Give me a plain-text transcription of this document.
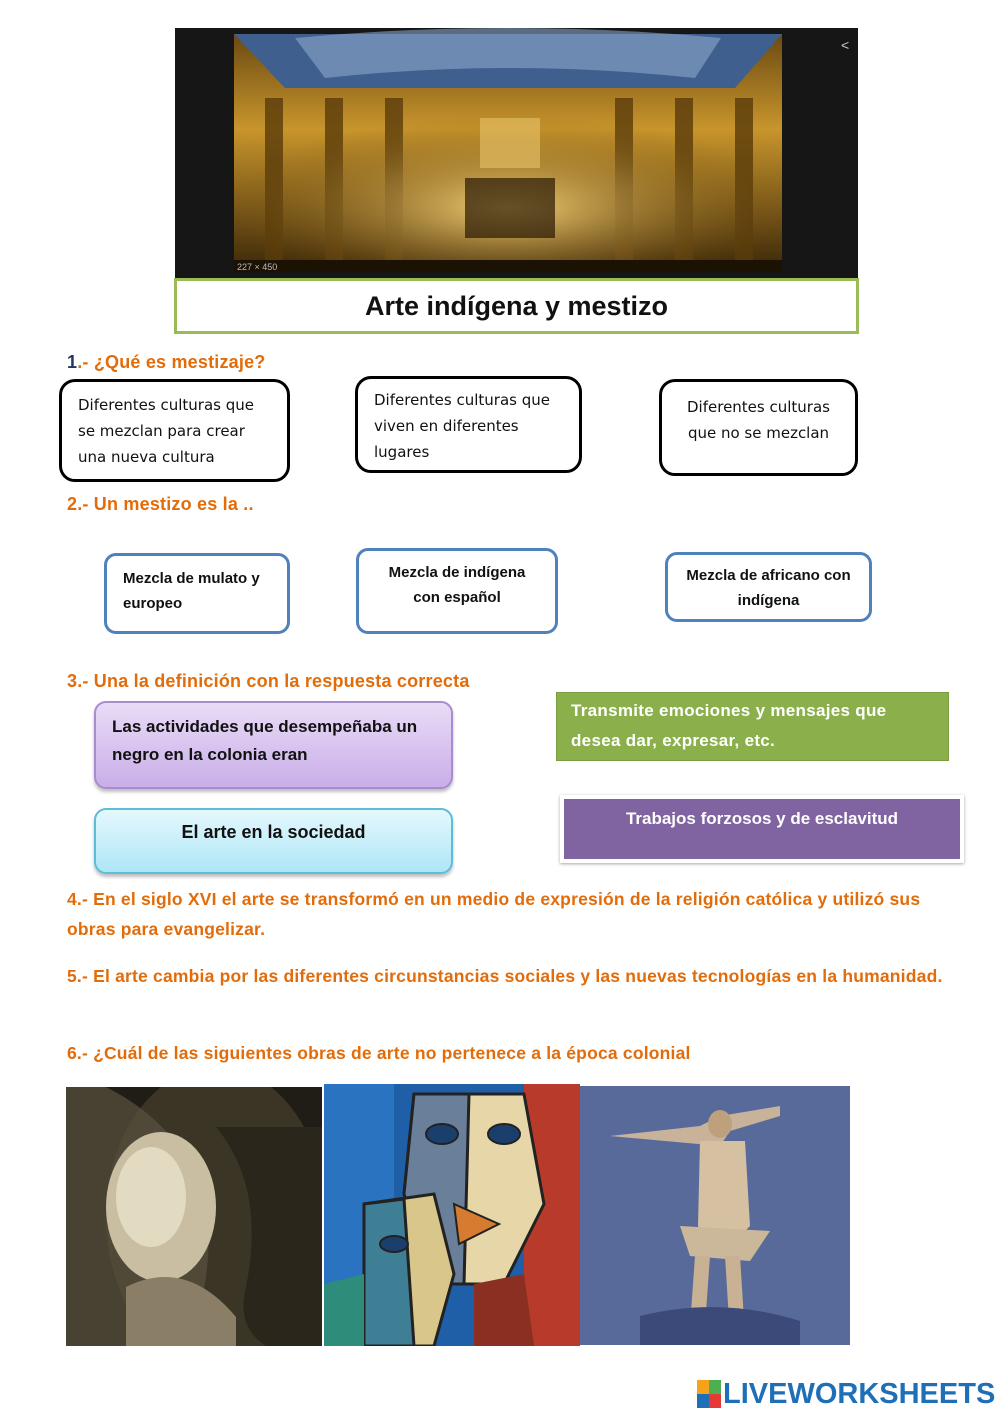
227 × 450
<
Arte indígena y mestizo
1.- ¿Qué es mestizaje?
Diferentes culturas que se mezclan para crear una nueva cultura
Diferentes culturas que viven en diferentes lugares
Diferentes culturas que no se mezclan
2.- Un mestizo es la ..
Mezcla de mulato y europeo
Mezcla de indígena con español
Mezcla de africano con indígena
3.- Una la definición con la respuesta correcta
Las actividades que desempeñaba un negro en la colonia eran
El arte en la sociedad
Transmite emociones y mensajes que desea dar, expresar, etc.
Trabajos forzosos y de esclavitud
4.- En el siglo XVI el arte se transformó en un medio de expresión de la religión católica y utilizó sus obras para evangelizar.
5.- El arte cambia por las diferentes circunstancias sociales y las nuevas tecnologías en la humanidad.
6.- ¿Cuál de las siguientes obras de arte no pertenece a la época colonial
LIVEWORKSHEETS
